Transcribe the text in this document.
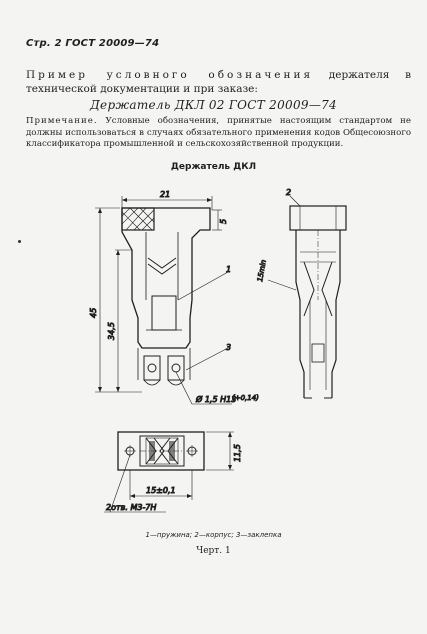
Стр. 2 ГОСТ 20009—74
Пример условного обозначения держателя в технической документации и при заказе:
Держатель ДКЛ 02 ГОСТ 20009—74
Примечание. Условные обозначения, принятые настоящим стандартом не должны использоваться в случаях обязательного применения кодов Общесоюзного классификатора промышленной и сельскохозяйственной продукции.
Держатель ДКЛ
21
5
45
34,5
1
3
Ø 1,5 Н13
(+0,14)
15min
2
11,5
15±0,1
2отв. М3-7Н
1—пружина; 2—корпус; 3—заклепка
Черт. 1
